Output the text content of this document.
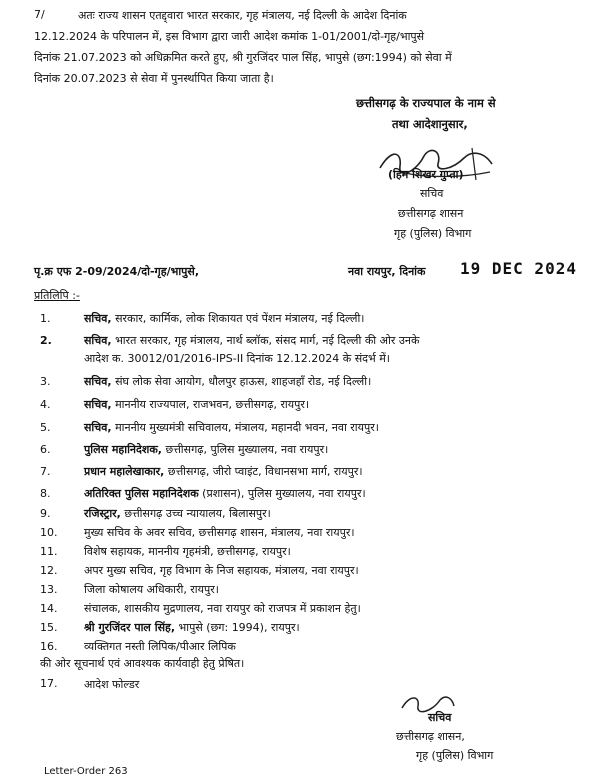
7/	अतः राज्य शासन एतद्द्वारा भारत सरकार, गृह मंत्रालय, नई दिल्ली के आदेश दिनांक
12.12.2024 के परिपालन में, इस विभाग द्वारा जारी आदेश कमांक 1-01/2001/दो-गृह/भापुसे
दिनांक 21.07.2023 को अधिक्रमित करते हुए, श्री गुरजिंदर पाल सिंह, भापुसे (छग:1994) को सेवा में
दिनांक 20.07.2023 से सेवा में पुनर्स्थापित किया जाता है।
छत्तीसगढ़ के राज्यपाल के नाम से
तथा आदेशानुसार,
(हिम शिखर गुप्ता)
सचिव
छत्तीसगढ़ शासन
गृह (पुलिस) विभाग
पृ.क्र एफ 2-09/2024/दो-गृह/भापुसे,	नवा रायपुर, दिनांक 19 DEC 2024
प्रतिलिपि :-
1.	सचिव, सरकार, कार्मिक, लोक शिकायत एवं पेंशन मंत्रालय, नई दिल्ली।
2.	सचिव, भारत सरकार, गृह मंत्रालय, नार्थ ब्लॉक, संसद मार्ग, नई दिल्ली की ओर उनके
आदेश क. 30012/01/2016-IPS-II दिनांक 12.12.2024 के संदर्भ में।
3.	सचिव, संघ लोक सेवा आयोग, धौलपुर हाऊस, शाहजहाँ रोड, नई दिल्ली।
4.	सचिव, माननीय राज्यपाल, राजभवन, छत्तीसगढ़, रायपुर।
5.	सचिव, माननीय मुख्यमंत्री सचिवालय, मंत्रालय, महानदी भवन, नवा रायपुर।
6.	पुलिस महानिदेशक, छत्तीसगढ़, पुलिस मुख्यालय, नवा रायपुर।
7.	प्रधान महालेखाकार, छत्तीसगढ़, जीरो प्वाइंट, विधानसभा मार्ग, रायपुर।
8.	अतिरिक्त पुलिस महानिदेशक (प्रशासन), पुलिस मुख्यालय, नवा रायपुर।
9.	रजिस्ट्रार, छत्तीसगढ़ उच्च न्यायालय, बिलासपुर।
10.	मुख्य सचिव के अवर सचिव, छत्तीसगढ़ शासन, मंत्रालय, नवा रायपुर।
11.	विशेष सहायक, माननीय गृहमंत्री, छत्तीसगढ़, रायपुर।
12.	अपर मुख्य सचिव, गृह विभाग के निज सहायक, मंत्रालय, नवा रायपुर।
13.	जिला कोषालय अधिकारी, रायपुर।
14.	संचालक, शासकीय मुद्रणालय, नवा रायपुर को राजपत्र में प्रकाशन हेतु।
15.	श्री गुरजिंदर पाल सिंह, भापुसे (छग: 1994), रायपुर।
16.	व्यक्तिगत नस्ती लिपिक/पीआर लिपिक
की ओर सूचनार्थ एवं आवश्यक कार्यवाही हेतु प्रेषित।
17. आदेश फोल्डर
सचिव
छत्तीसगढ़ शासन,
गृह (पुलिस) विभाग
Letter-Order 263
